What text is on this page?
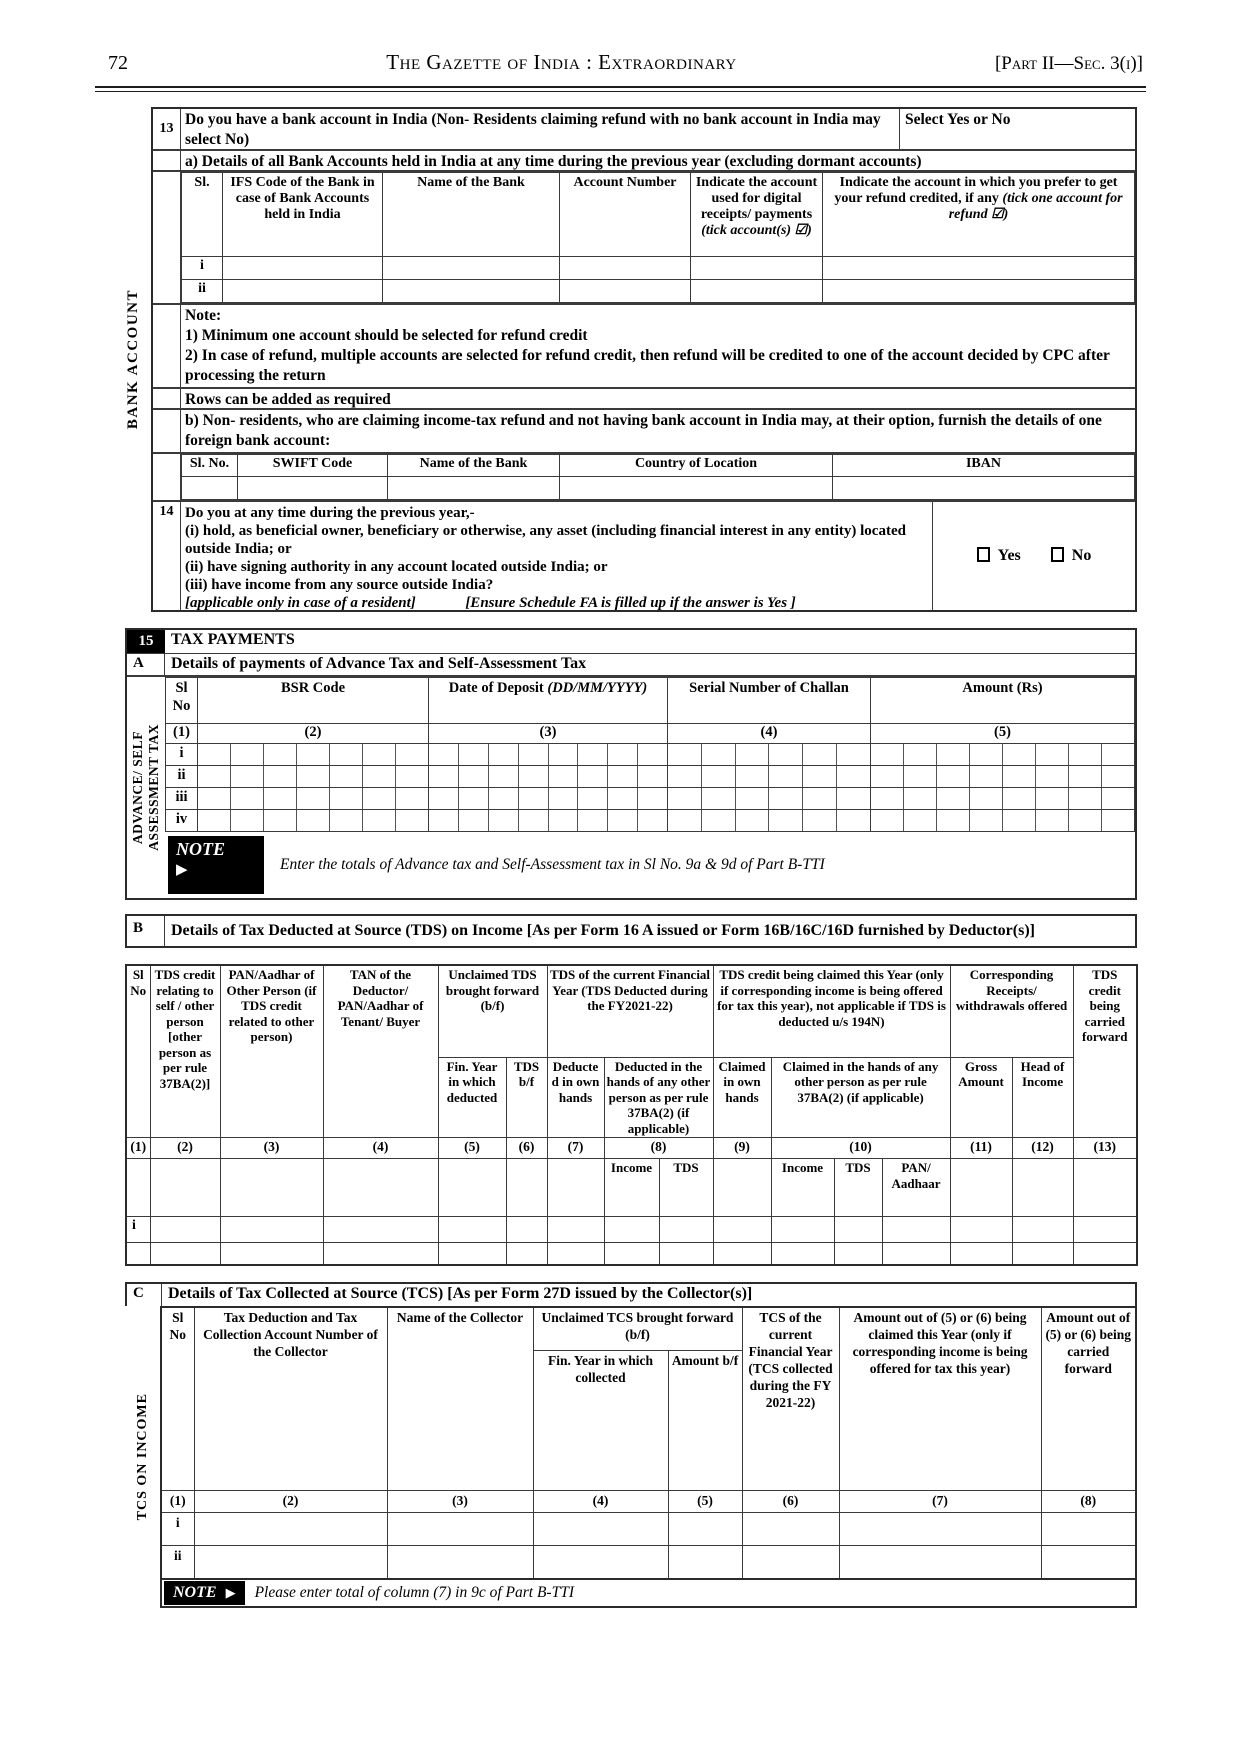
72	The Gazette of India : Extraordinary	[Part II—Sec. 3(i)]
BANK ACCOUNT
13
Do you have a bank account in India (Non- Residents claiming refund with no bank account in India may select No)
Select Yes or No
a) Details of all Bank Accounts held in India at any time during the previous year (excluding dormant accounts)
Sl.	IFS Code of the Bank in case of Bank Accounts held in India	Name of the Bank	Account Number	Indicate the account used for digital receipts/ payments (tick account(s) ☑)	Indicate the account in which you prefer to get your refund credited, if any (tick one account for refund ☑)
i					
ii					
Note:
1) Minimum one account should be selected for refund credit
2) In case of refund, multiple accounts are selected for refund credit, then refund will be credited to one of the account decided by CPC after processing the return
Rows can be added as required
b) Non- residents, who are claiming income-tax refund and not having bank account in India may, at their option, furnish the details of one foreign bank account:
Sl. No.	SWIFT Code	Name of the Bank	Country of Location	IBAN

14 Do you at any time during the previous year,-
(i) hold, as beneficial owner, beneficiary or otherwise, any asset (including financial interest in any entity) located outside India; or
(ii) have signing authority in any account located outside India; or
(iii) have income from any source outside India?
[applicable only in case of a resident]	[Ensure Schedule FA is filled up if the answer is Yes ]
Yes	No
15	TAX PAYMENTS
A	Details of payments of Advance Tax and Self-Assessment Tax
ADVANCE/ SELF ASSESSMENT TAX
Sl No	BSR Code	Date of Deposit (DD/MM/YYYY)	Serial Number of Challan	Amount (Rs)
(1)	(2)	(3)	(4)	(5)
i	

ii	

iii	

iv	

NOTE
▶	Enter the totals of Advance tax and Self-Assessment tax in Sl No. 9a & 9d of Part B-TTI
B	Details of Tax Deducted at Source (TDS) on Income [As per Form 16 A issued or Form 16B/16C/16D furnished by Deductor(s)]
Sl No	TDS credit relating to self / other person [other person as per rule 37BA(2)]	PAN/Aadhar of Other Person (if TDS credit related to other person)	TAN of the Deductor/ PAN/Aadhar of Tenant/ Buyer	Unclaimed TDS brought forward (b/f)		TDS of the current Financial Year (TDS Deducted during the FY2021-22)			TDS credit being claimed this Year (only if corresponding income is being offered for tax this year), not applicable if TDS is deducted u/s 194N)				Corresponding Receipts/ withdrawals offered		TDS credit being carried forward
				Fin. Year in which deducted	TDS b/f	Deducted in own hands	Deducted in the hands of any other person as per rule 37BA(2) (if applicable)		Claimed in own hands	Claimed in the hands of any other person as per rule 37BA(2) (if applicable)			Gross Amount	Head of Income	
(1)	(2)	(3)	(4)	(5)	(6)	(7)	(8)		(9)	(10)			(11)	(12)	(13)
							Income	TDS		Income	TDS	PAN/ Aadhaar			
i															

C	Details of Tax Collected at Source (TCS) [As per Form 27D issued by the Collector(s)]
TCS ON INCOME
Sl No	Tax Deduction and Tax Collection Account Number of the Collector	Name of the Collector	Unclaimed TCS brought forward (b/f)		TCS of the current Financial Year (TCS collected during the FY 2021-22)	Amount out of (5) or (6) being claimed this Year (only if corresponding income is being offered for tax this year)	Amount out of (5) or (6) being carried forward
			Fin. Year in which collected	Amount b/f			
(1)	(2)	(3)	(4)	(5)	(6)	(7)	(8)
i							
ii							
NOTE ▶ Please enter total of column (7) in 9c of Part B-TTI
